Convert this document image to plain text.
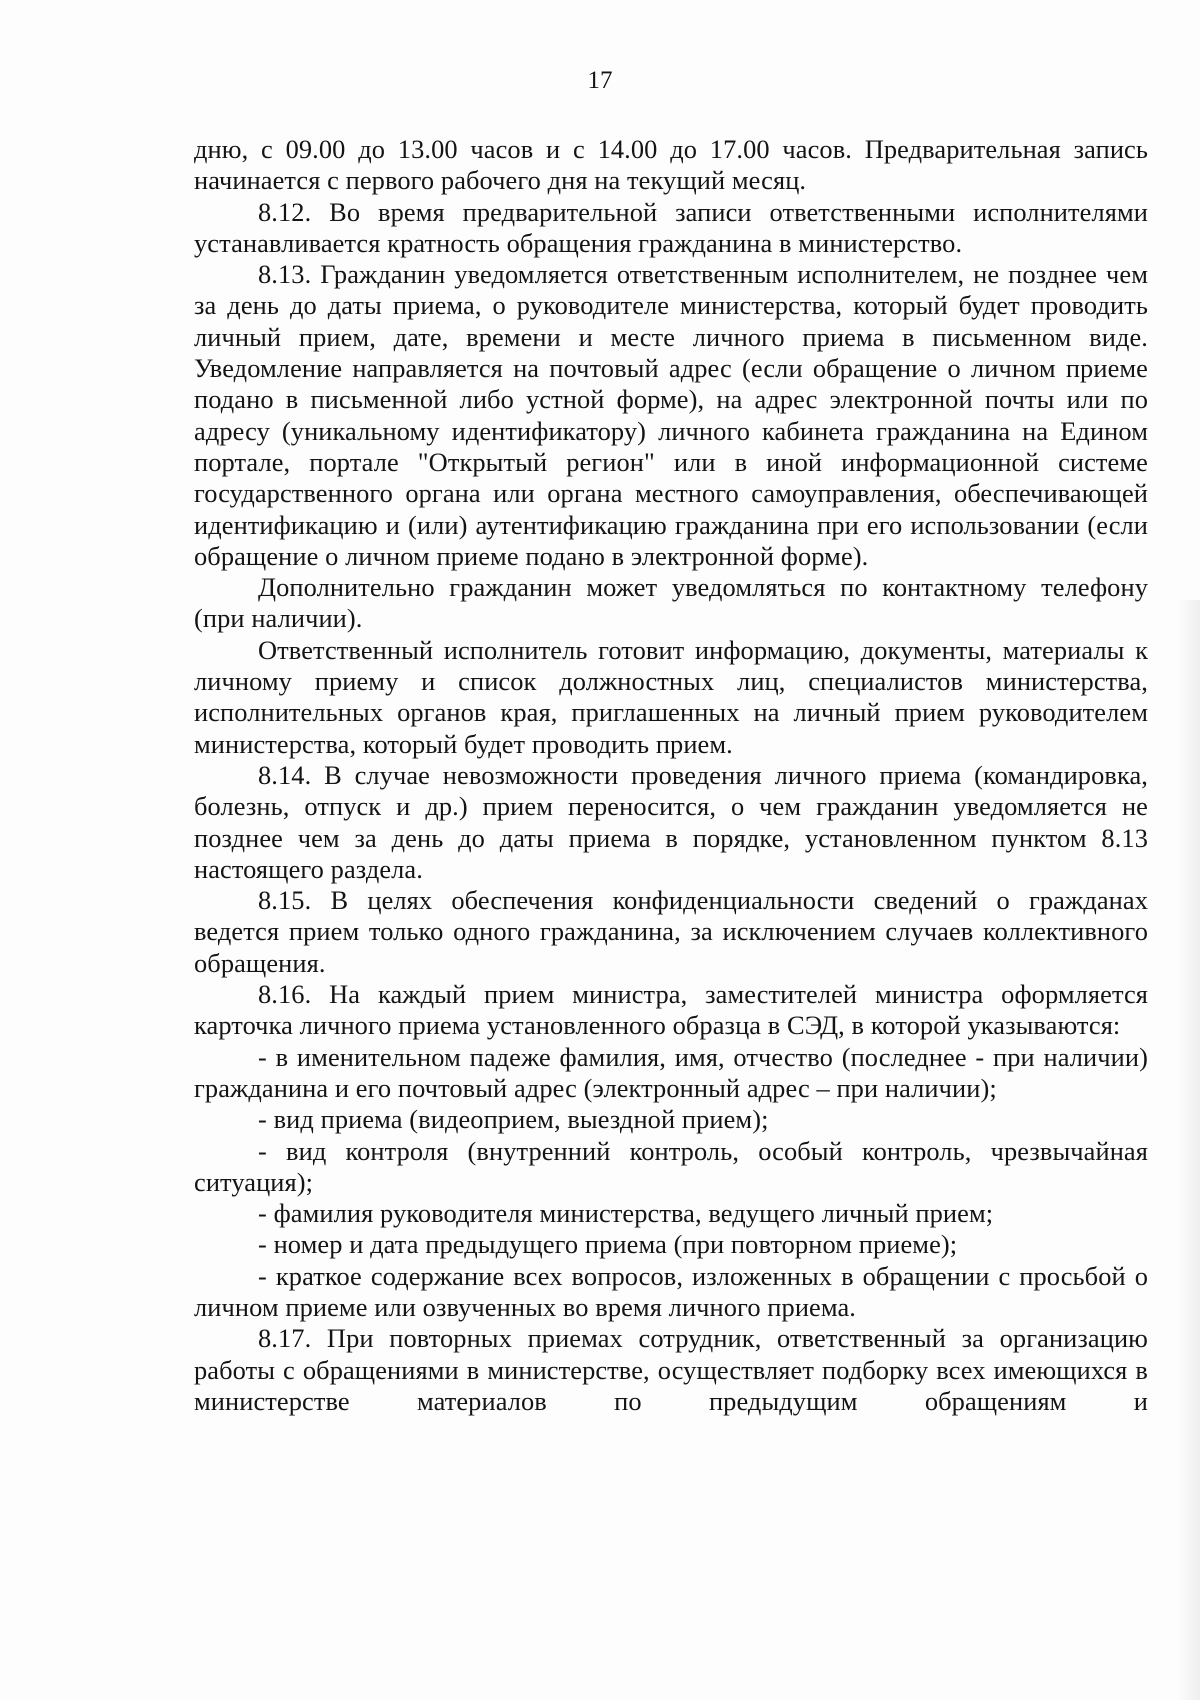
17

дню, с 09.00 до 13.00 часов и с 14.00 до 17.00 часов. Предварительная запись начинается с первого рабочего дня на текущий месяц.

8.12. Во время предварительной записи ответственными исполнителями устанавливается кратность обращения гражданина в министерство.

8.13. Гражданин уведомляется ответственным исполнителем, не позднее чем за день до даты приема, о руководителе министерства, который будет проводить личный прием, дате, времени и месте личного приема в письменном виде. Уведомление направляется на почтовый адрес (если обращение о личном приеме подано в письменной либо устной форме), на адрес электронной почты или по адресу (уникальному идентификатору) личного кабинета гражданина на Едином портале, портале "Открытый регион" или в иной информационной системе государственного органа или органа местного самоуправления, обеспечивающей идентификацию и (или) аутентификацию гражданина при его использовании (если обращение о личном приеме подано в электронной форме).

Дополнительно гражданин может уведомляться по контактному телефону (при наличии).

Ответственный исполнитель готовит информацию, документы, материалы к личному приему и список должностных лиц, специалистов министерства, исполнительных органов края, приглашенных на личный прием руководителем министерства, который будет проводить прием.

8.14. В случае невозможности проведения личного приема (командировка, болезнь, отпуск и др.) прием переносится, о чем гражданин уведомляется не позднее чем за день до даты приема в порядке, установленном пунктом 8.13 настоящего раздела.

8.15. В целях обеспечения конфиденциальности сведений о гражданах ведется прием только одного гражданина, за исключением случаев коллективного обращения.

8.16. На каждый прием министра, заместителей министра оформляется карточка личного приема установленного образца в СЭД, в которой указываются:

- в именительном падеже фамилия, имя, отчество (последнее - при наличии) гражданина и его почтовый адрес (электронный адрес – при наличии);

- вид приема (видеоприем, выездной прием);

- вид контроля (внутренний контроль, особый контроль, чрезвычайная ситуация);

- фамилия руководителя министерства, ведущего личный прием;

- номер и дата предыдущего приема (при повторном приеме);

- краткое содержание всех вопросов, изложенных в обращении с просьбой о личном приеме или озвученных во время личного приема.

8.17. При повторных приемах сотрудник, ответственный за организацию работы с обращениями в министерстве, осуществляет подборку всех имеющихся в министерстве материалов по предыдущим обращениям и
